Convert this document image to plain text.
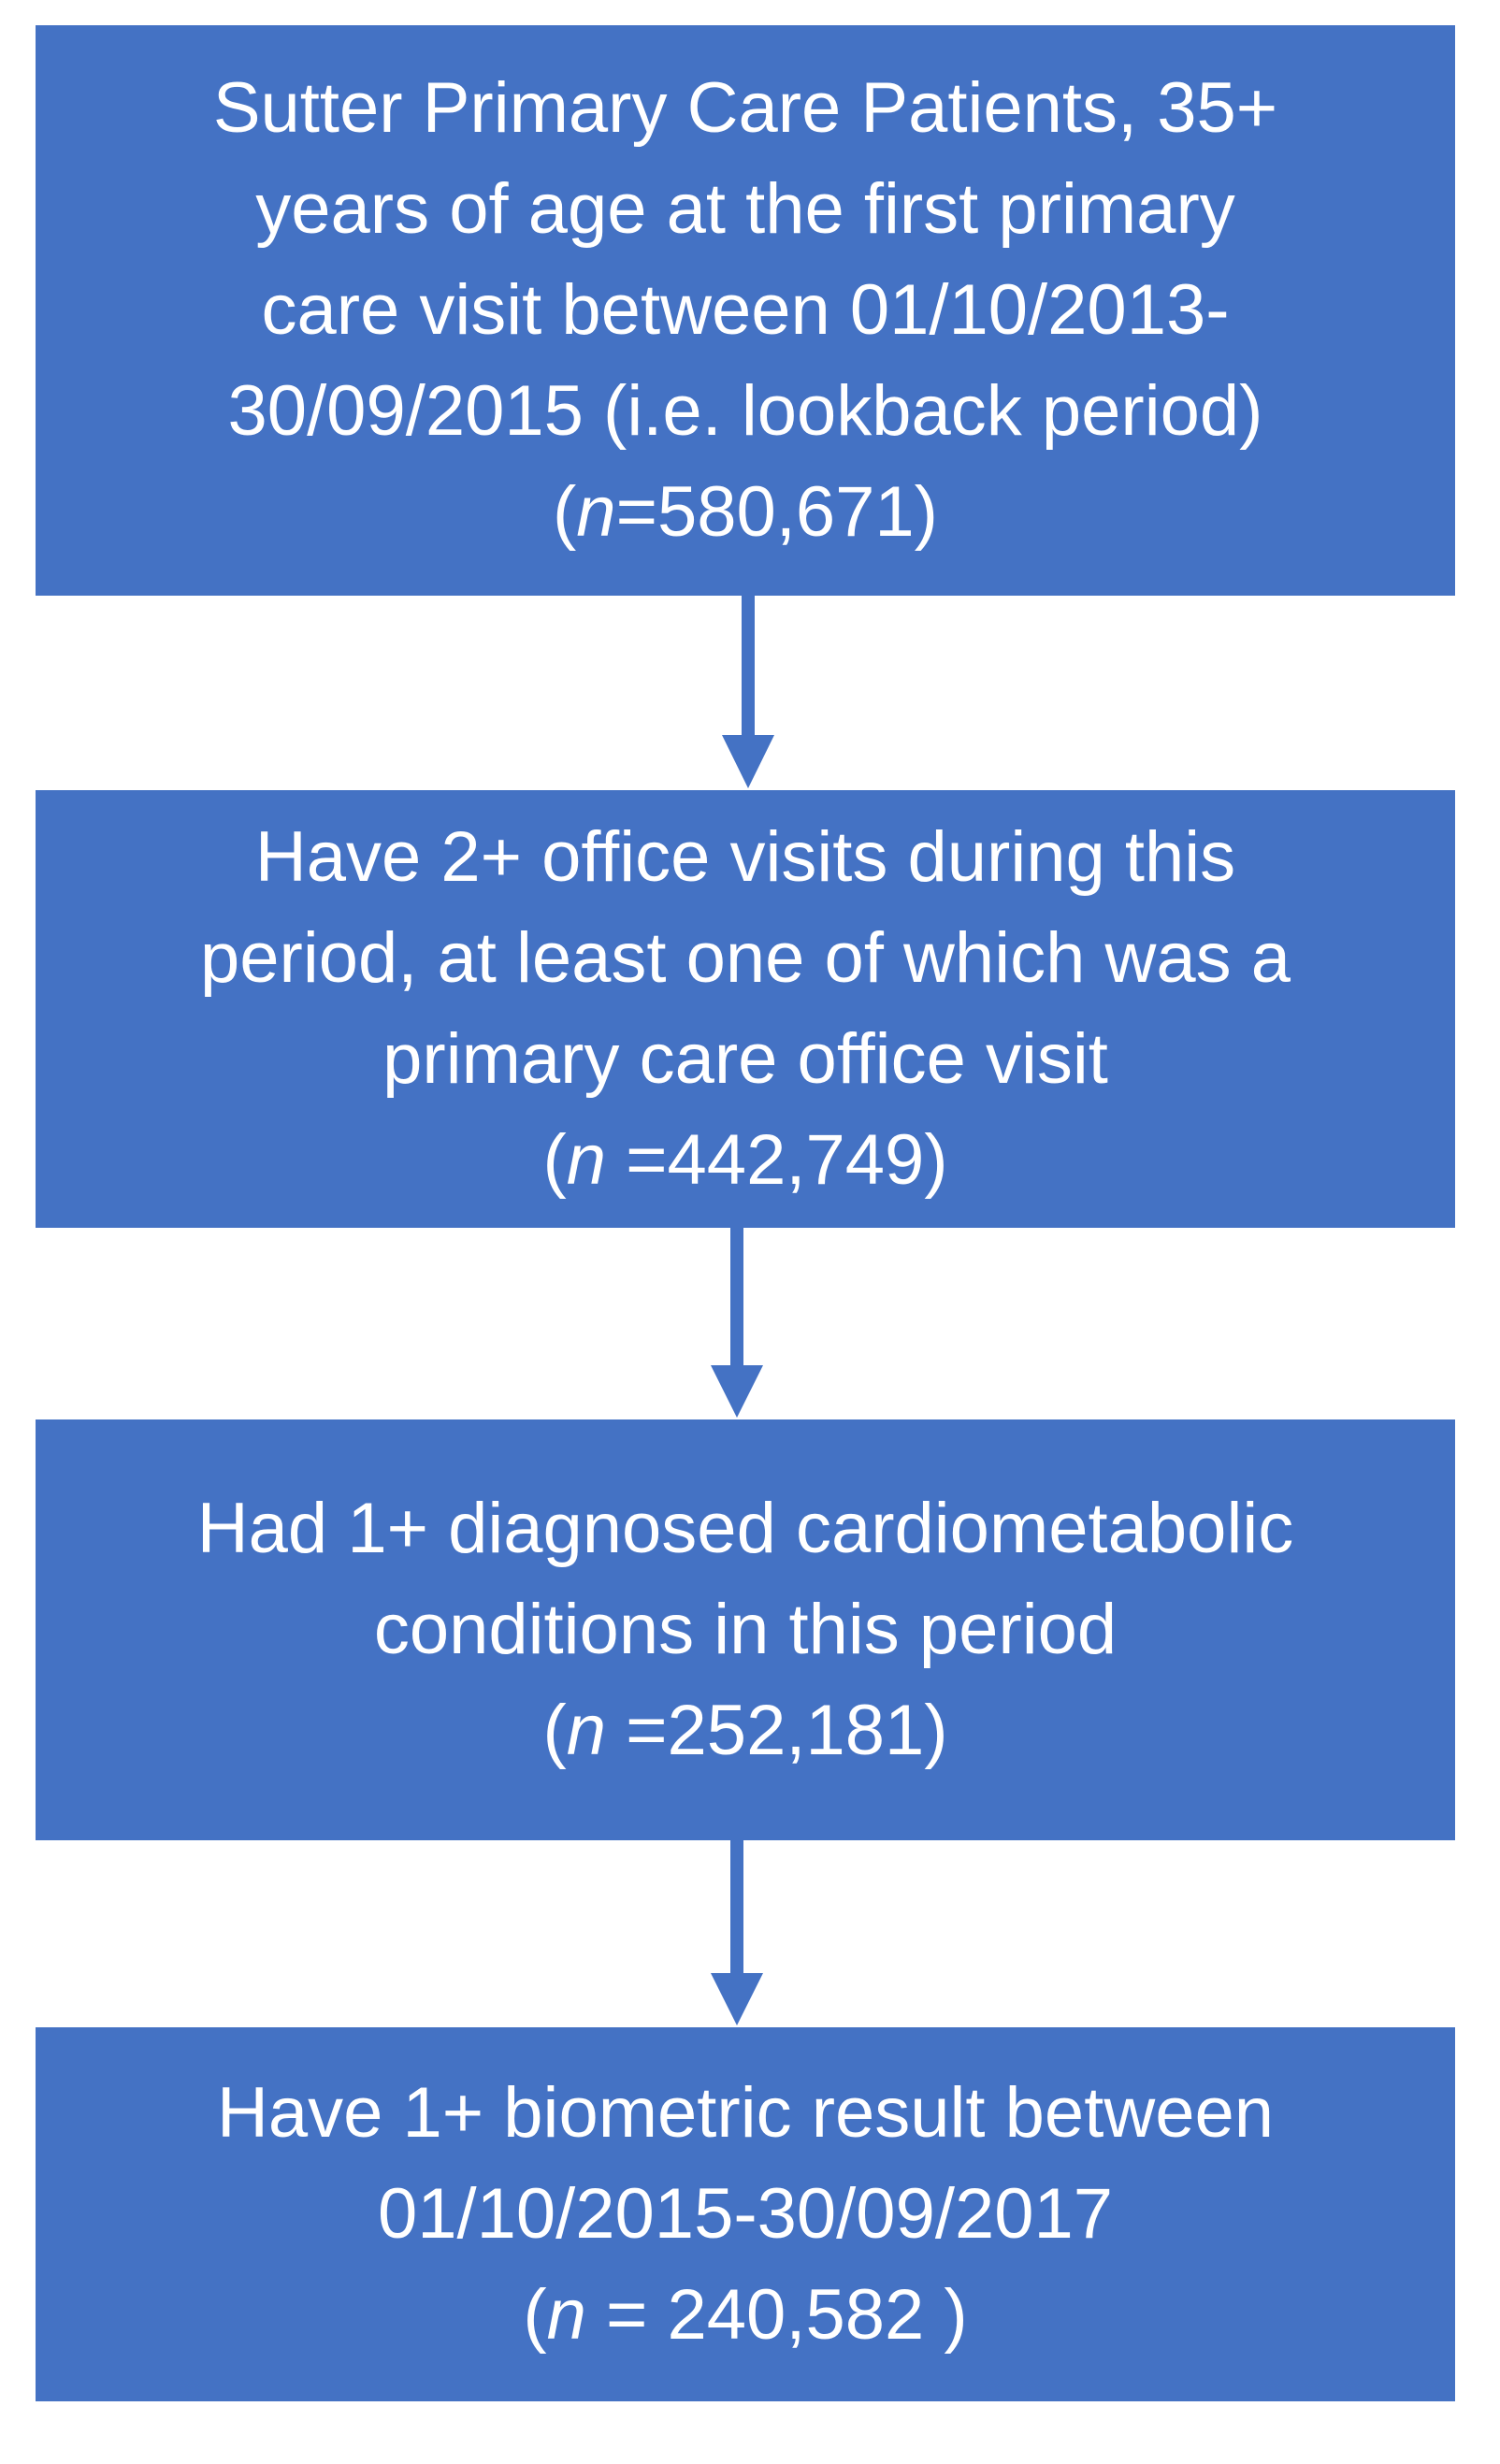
Sutter Primary Care Patients, 35+
years of age at the first primary
care visit between 01/10/2013-
30/09/2015 (i.e. lookback period)
(n=580,671)
Have 2+ office visits during this
period, at least one of which was a
primary care office visit
(n =442,749)
Had 1+ diagnosed cardiometabolic
conditions in this period
(n =252,181)
Have 1+ biometric result between
01/10/2015-30/09/2017
(n = 240,582 )
